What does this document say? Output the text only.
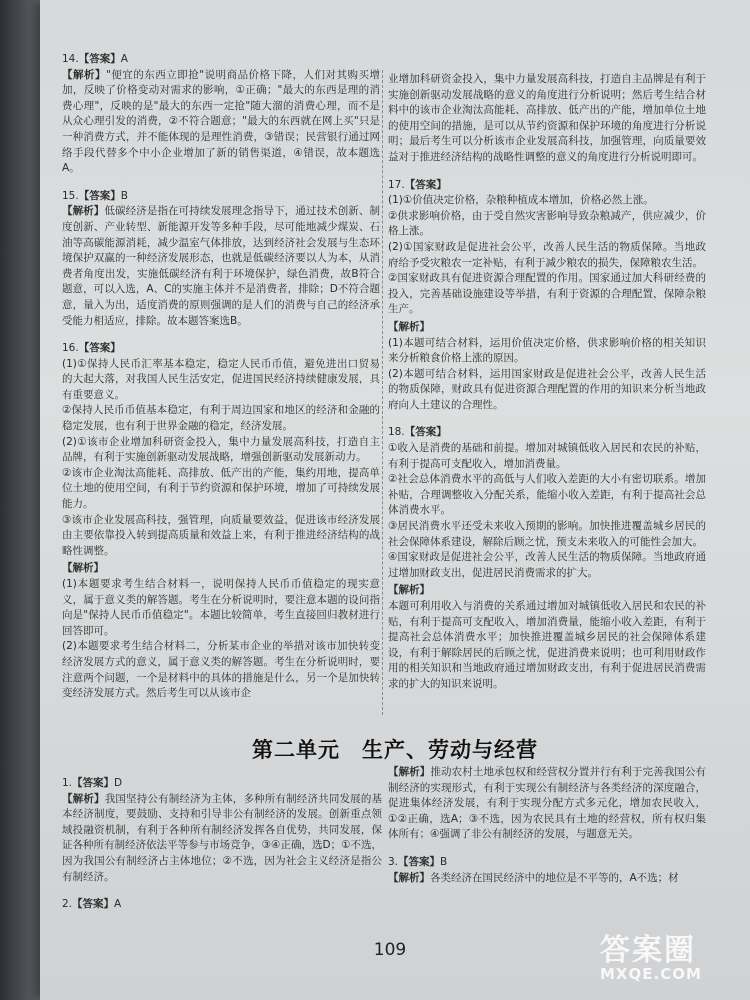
14.【答案】A

【解析】"便宜的东西立即抢"说明商品价格下降，人们对其购买增加，反映了价格变动对需求的影响，①正确；"最大的东西是理的消费心理"，反映的是"最大的东西一定抢"随大溜的消费心理，而不是从众心理引发的消费，②不符合题意；"最大的东西就在网上买"只是一种消费方式，并不能体现的是理性消费，③错误；民营银行通过网络手段代替多个中小企业增加了新的销售渠道，④错误，故本题选A。

15.【答案】B

【解析】低碳经济是指在可持续发展理念指导下，通过技术创新、制度创新、产业转型、新能源开发等多种手段，尽可能地减少煤炭、石油等高碳能源消耗，减少温室气体排放，达到经济社会发展与生态环境保护双赢的一种经济发展形态，也就是低碳经济要以人为本，从消费者角度出发，实施低碳经济有利于环境保护，绿色消费，故B符合题意，可以入选，A、C的实施主体并不是消费者，排除；D不符合题意，量入为出，适度消费的原则强调的是人们的消费与自己的经济承受能力相适应，排除。故本题答案选B。

16.【答案】

(1)①保持人民币汇率基本稳定，稳定人民币币值，避免进出口贸易的大起大落，对我国人民生活安定，促进国民经济持续健康发展，具有重要意义。

②保持人民币币值基本稳定，有利于周边国家和地区的经济和金融的稳定发展，也有利于世界金融的稳定，经济发展。

(2)①该市企业增加科研资金投入，集中力量发展高科技，打造自主品牌，有利于实施创新驱动发展战略，增强创新驱动发展新动力。

②该市企业淘汰高能耗、高排放、低产出的产能，集约用地，提高单位土地的使用空间，有利于节约资源和保护环境，增加了可持续发展能力。

③该市企业发展高科技，强管理，向质量要效益，促进该市经济发展由主要依靠投入转到提高质量和效益上来，有利于推进经济结构的战略性调整。

【解析】

(1)本题要求考生结合材料一，说明保持人民币币值稳定的现实意义，属于意义类的解答题。考生在分析说明时，要注意本题的设问指向是"保持人民币币值稳定"。本题比较简单，考生直接回归教材进行回答即可。

(2)本题要求考生结合材料二，分析某市企业的举措对该市加快转变经济发展方式的意义，属于意义类的解答题。考生在分析说明时，要注意两个问题，一个是材料中的具体的措施是什么，另一个是加快转变经济发展方式。然后考生可以从该市企

业增加科研资金投入，集中力量发展高科技，打造自主品牌是有利于实施创新驱动发展战略的意义的角度进行分析说明；然后考生结合材料中的该市企业淘汰高能耗、高排放、低产出的产能，增加单位土地的使用空间的措施，是可以从节约资源和保护环境的角度进行分析说明；最后考生可以分析该市企业发展高科技，加强管理，向质量要效益对于推进经济结构的战略性调整的意义的角度进行分析说明即可。

17.【答案】

(1)①价值决定价格，杂粮种植成本增加，价格必然上涨。

②供求影响价格，由于受自然灾害影响导致杂粮减产，供应减少，价格上涨。

(2)①国家财政是促进社会公平，改善人民生活的物质保障。当地政府给予受灾粮农一定补贴，有利于减少粮农的损失，保障粮农生活。

②国家财政具有促进资源合理配置的作用。国家通过加大科研经费的投入，完善基础设施建设等举措，有利于资源的合理配置，保障杂粮生产。

【解析】

(1)本题可结合材料，运用价值决定价格，供求影响价格的相关知识来分析粮食价格上涨的原因。

(2)本题可结合材料，运用国家财政是促进社会公平，改善人民生活的物质保障，财政具有促进资源合理配置的作用的知识来分析当地政府向人土建议的合理性。

18.【答案】

①收入是消费的基础和前提。增加对城镇低收入居民和农民的补贴，有利于提高可支配收入，增加消费量。

②社会总体消费水平的高低与人们收入差距的大小有密切联系。增加补贴，合理调整收入分配关系，能缩小收入差距，有利于提高社会总体消费水平。

③居民消费水平还受未来收入预期的影响。加快推进覆盖城乡居民的社会保障体系建设，解除后顾之忧，预支未来收入的可能性会加大。

④国家财政是促进社会公平，改善人民生活的物质保障。当地政府通过增加财政支出，促进居民消费需求的扩大。

【解析】

本题可利用收入与消费的关系通过增加对城镇低收入居民和农民的补贴，有利于提高可支配收入，增加消费量，能缩小收入差距，有利于提高社会总体消费水平；加快推进覆盖城乡居民的社会保障体系建设，有利于解除居民的后顾之忧，促进消费来说明；也可利用财政作用的相关知识和当地政府通过增加财政支出，有利于促进居民消费需求的扩大的知识来说明。

第二单元　生产、劳动与经营
1.【答案】D

【解析】我国坚持公有制经济为主体，多种所有制经济共同发展的基本经济制度，要鼓励、支持和引导非公有制经济的发展。创新重点领域投融资机制，有利于各种所有制经济发挥各自优势，共同发展，保证各种所有制经济依法平等参与市场竞争，③④正确，选D；①不选，因为我国公有制经济占主体地位；②不选，因为社会主义经济是指公有制经济。

2.【答案】A

【解析】推动农村土地承包权和经营权分置并行有利于完善我国公有制经济的实现形式，有利于实现公有制经济与各类经济的深度融合，促进集体经济发展，有利于实现分配方式多元化，增加农民收入，①②正确，选A；③不选，因为农民具有土地的经营权，所有权归集体所有；④强调了非公有制经济的发展，与题意无关。

3.【答案】B

【解析】各类经济在国民经济中的地位是不平等的，A不选；材

109	答案圈
MXQE.COM
